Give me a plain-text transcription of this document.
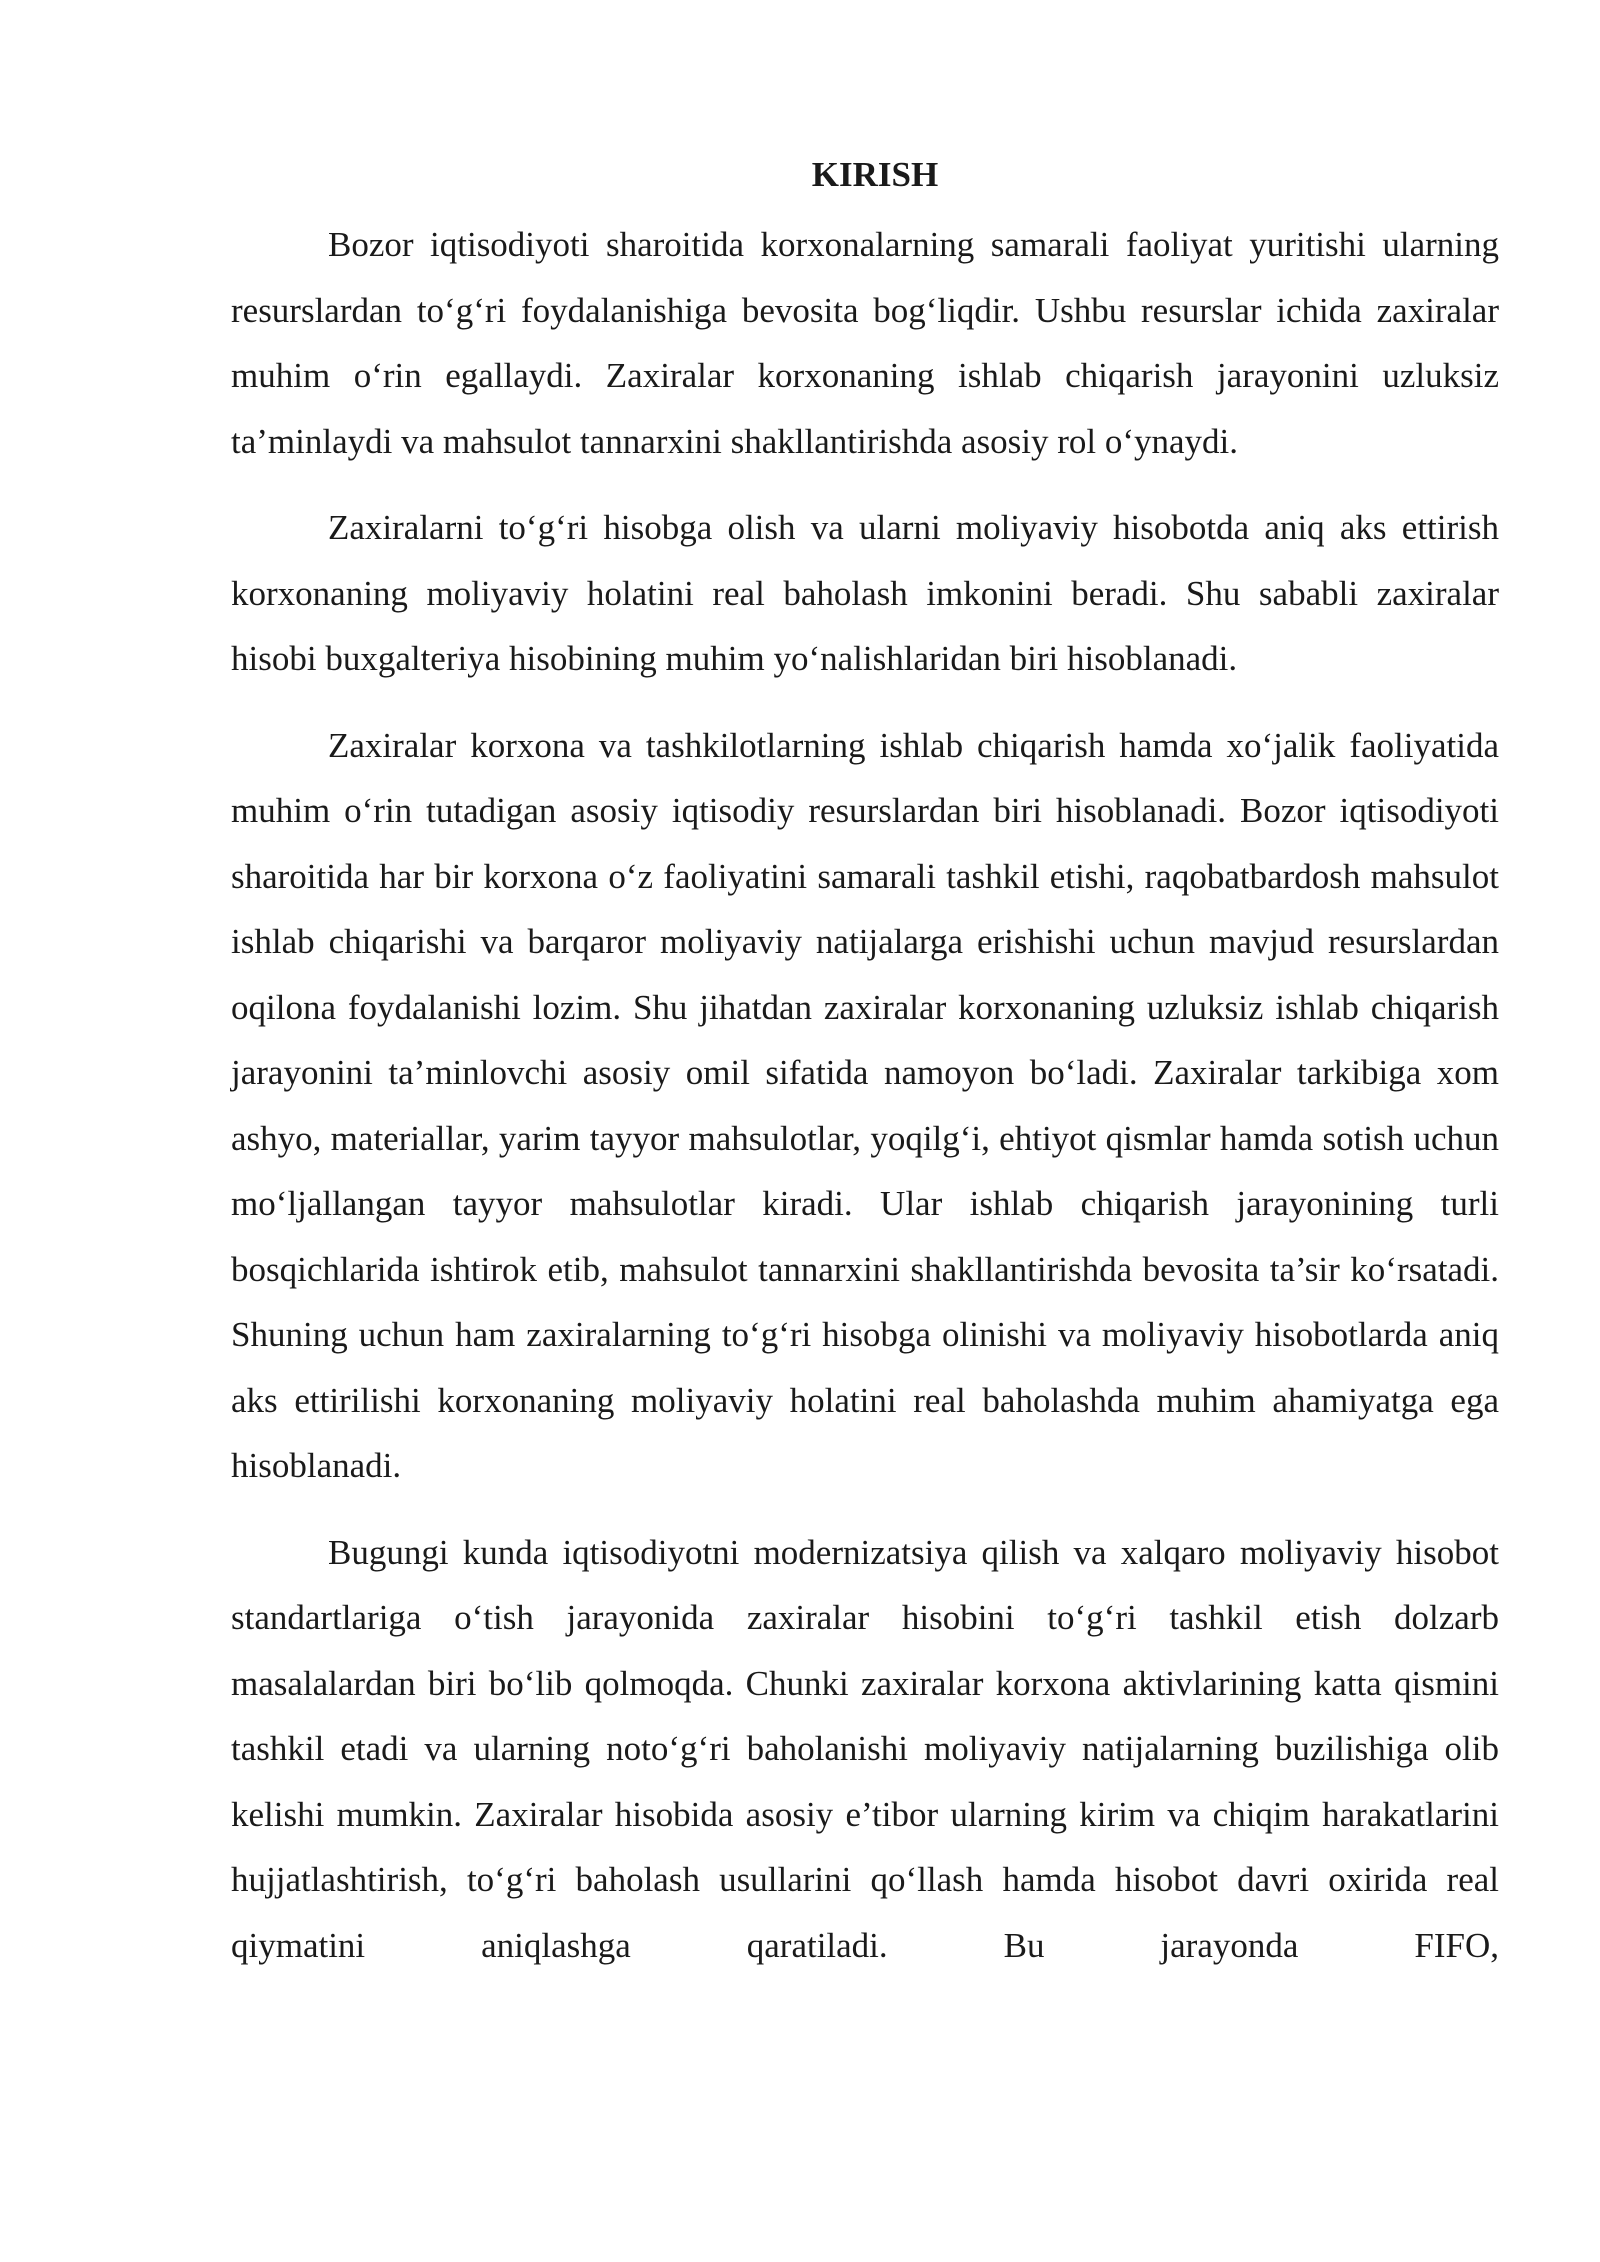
KIRISH

Bozor iqtisodiyoti sharoitida korxonalarning samarali faoliyat yuritishi ularning resurslardan to‘g‘ri foydalanishiga bevosita bog‘liqdir. Ushbu resurslar ichida zaxiralar muhim o‘rin egallaydi. Zaxiralar korxonaning ishlab chiqarish jarayonini uzluksiz ta’minlaydi va mahsulot tannarxini shakllantirishda asosiy rol o‘ynaydi.

Zaxiralarni to‘g‘ri hisobga olish va ularni moliyaviy hisobotda aniq aks ettirish korxonaning moliyaviy holatini real baholash imkonini beradi. Shu sababli zaxiralar hisobi buxgalteriya hisobining muhim yo‘nalishlaridan biri hisoblanadi.

Zaxiralar korxona va tashkilotlarning ishlab chiqarish hamda xo‘jalik faoliyatida muhim o‘rin tutadigan asosiy iqtisodiy resurslardan biri hisoblanadi. Bozor iqtisodiyoti sharoitida har bir korxona o‘z faoliyatini samarali tashkil etishi, raqobatbardosh mahsulot ishlab chiqarishi va barqaror moliyaviy natijalarga erishishi uchun mavjud resurslardan oqilona foydalanishi lozim. Shu jihatdan zaxiralar korxonaning uzluksiz ishlab chiqarish jarayonini ta’minlovchi asosiy omil sifatida namoyon bo‘ladi. Zaxiralar tarkibiga xom ashyo, materiallar, yarim tayyor mahsulotlar, yoqilg‘i, ehtiyot qismlar hamda sotish uchun mo‘ljallangan tayyor mahsulotlar kiradi. Ular ishlab chiqarish jarayonining turli bosqichlarida ishtirok etib, mahsulot tannarxini shakllantirishda bevosita ta’sir ko‘rsatadi. Shuning uchun ham zaxiralarning to‘g‘ri hisobga olinishi va moliyaviy hisobotlarda aniq aks ettirilishi korxonaning moliyaviy holatini real baholashda muhim ahamiyatga ega hisoblanadi.

Bugungi kunda iqtisodiyotni modernizatsiya qilish va xalqaro moliyaviy hisobot standartlariga o‘tish jarayonida zaxiralar hisobini to‘g‘ri tashkil etish dolzarb masalalardan biri bo‘lib qolmoqda. Chunki zaxiralar korxona aktivlarining katta qismini tashkil etadi va ularning noto‘g‘ri baholanishi moliyaviy natijalarning buzilishiga olib kelishi mumkin. Zaxiralar hisobida asosiy e’tibor ularning kirim va chiqim harakatlarini hujjatlashtirish, to‘g‘ri baholash usullarini qo‘llash hamda hisobot davri oxirida real qiymatini aniqlashga qaratiladi. Bu jarayonda FIFO,
